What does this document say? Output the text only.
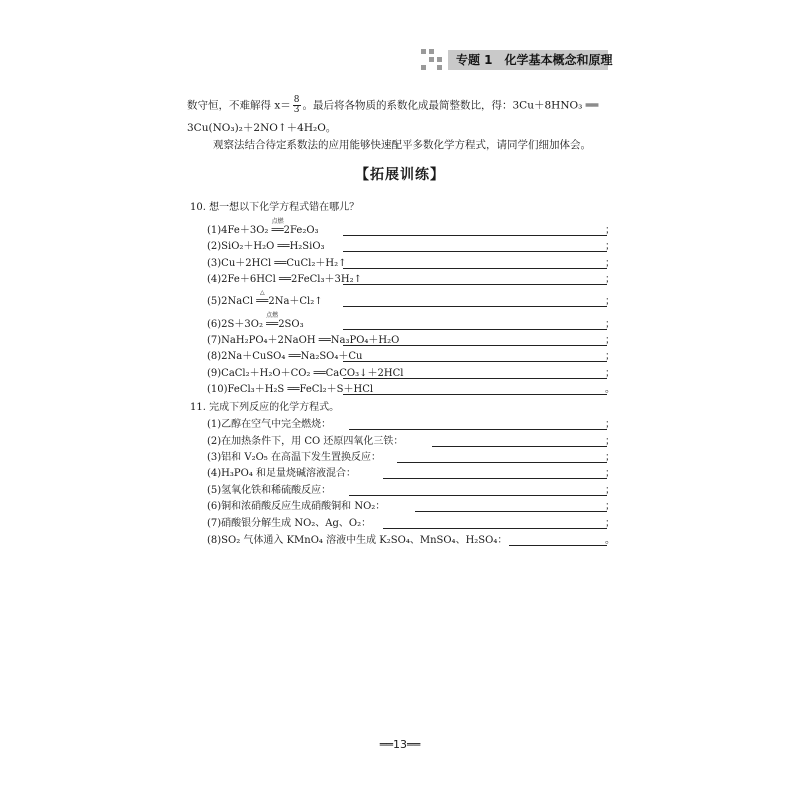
专题 1　化学基本概念和原理
数守恒，不难解得 $x= \frac{8}{3}$ 。最后将各物质的系数化成最简整数比，得：3Cu＋8HNO₃ ══
3Cu(NO₃)₂＋2NO↑＋4H₂O。
观察法结合待定系数法的应用能够快速配平多数化学方程式，请同学们细加体会。
【拓展训练】
10. 想一想以下化学方程式错在哪儿？
(1)4Fe＋3O₂
点燃
══2Fe₂O₃	；
(2)SiO₂＋H₂O ══H₂SiO₃	；
(3)Cu＋2HCl ══CuCl₂＋H₂↑	；
(4)2Fe＋6HCl ══2FeCl₃＋3H₂↑	；
(5)2NaCl
△
══2Na＋Cl₂↑	；
(6)2S＋3O₂
点燃
══2SO₃	；
(7)NaH₂PO₄＋2NaOH ══Na₃PO₄＋H₂O	；
(8)2Na＋CuSO₄ ══Na₂SO₄＋Cu	；
(9)CaCl₂＋H₂O＋CO₂ ══CaCO₃↓＋2HCl	；
(10)FeCl₃＋H₂S ══FeCl₂＋S＋HCl	。
11. 完成下列反应的化学方程式。
(1)乙醇在空气中完全燃烧：	；
(2)在加热条件下，用 CO 还原四氧化三铁：	；
(3)铝和 V₂O₅ 在高温下发生置换反应：	；
(4)H₃PO₄ 和足量烧碱溶液混合：	；
(5)氢氧化铁和稀硫酸反应：	；
(6)铜和浓硝酸反应生成硝酸铜和 NO₂：	；
(7)硝酸银分解生成 NO₂、Ag、O₂：	；
(8)SO₂ 气体通入 KMnO₄ 溶液中生成 K₂SO₄、MnSO₄、H₂SO₄：	。
══13══
